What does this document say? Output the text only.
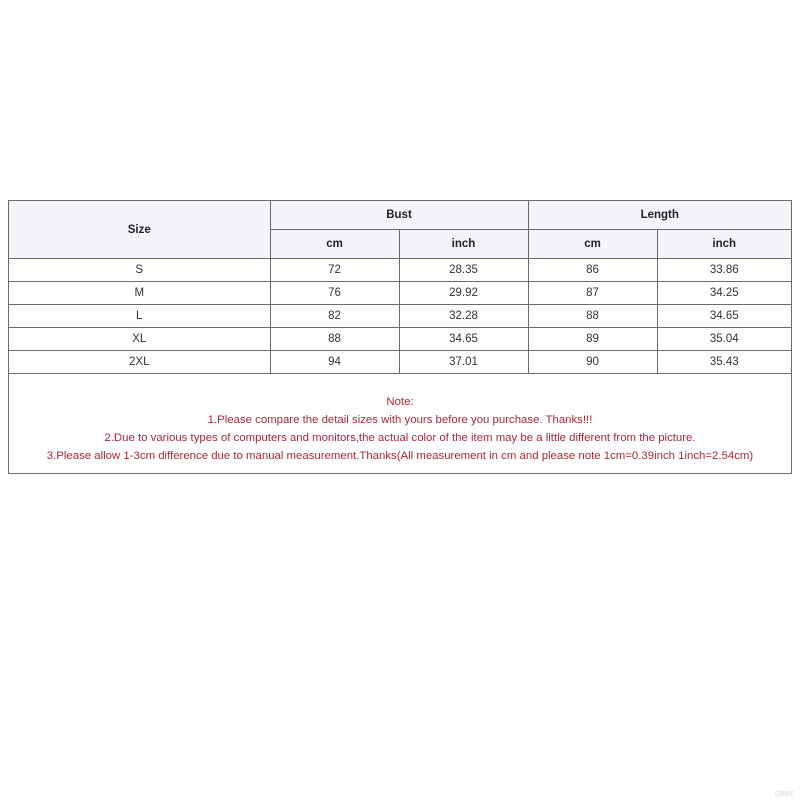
Size	Bust		Length	
	cm	inch	cm	inch
S	72	28.35	86	33.86
M	76	29.92	87	34.25
L	82	32.28	88	34.65
XL	88	34.65	89	35.04
2XL	94	37.01	90	35.43
Note:
1.Please compare the detail sizes with yours before you purchase. Thanks!!!
2.Due to various types of computers and monitors,the actual color of the item may be a little different from the picture.
3.Please allow 1-3cm difference due to manual measurement.Thanks(All measurement in cm and please note 1cm=0.39inch 1inch=2.54cm)
OBBE
